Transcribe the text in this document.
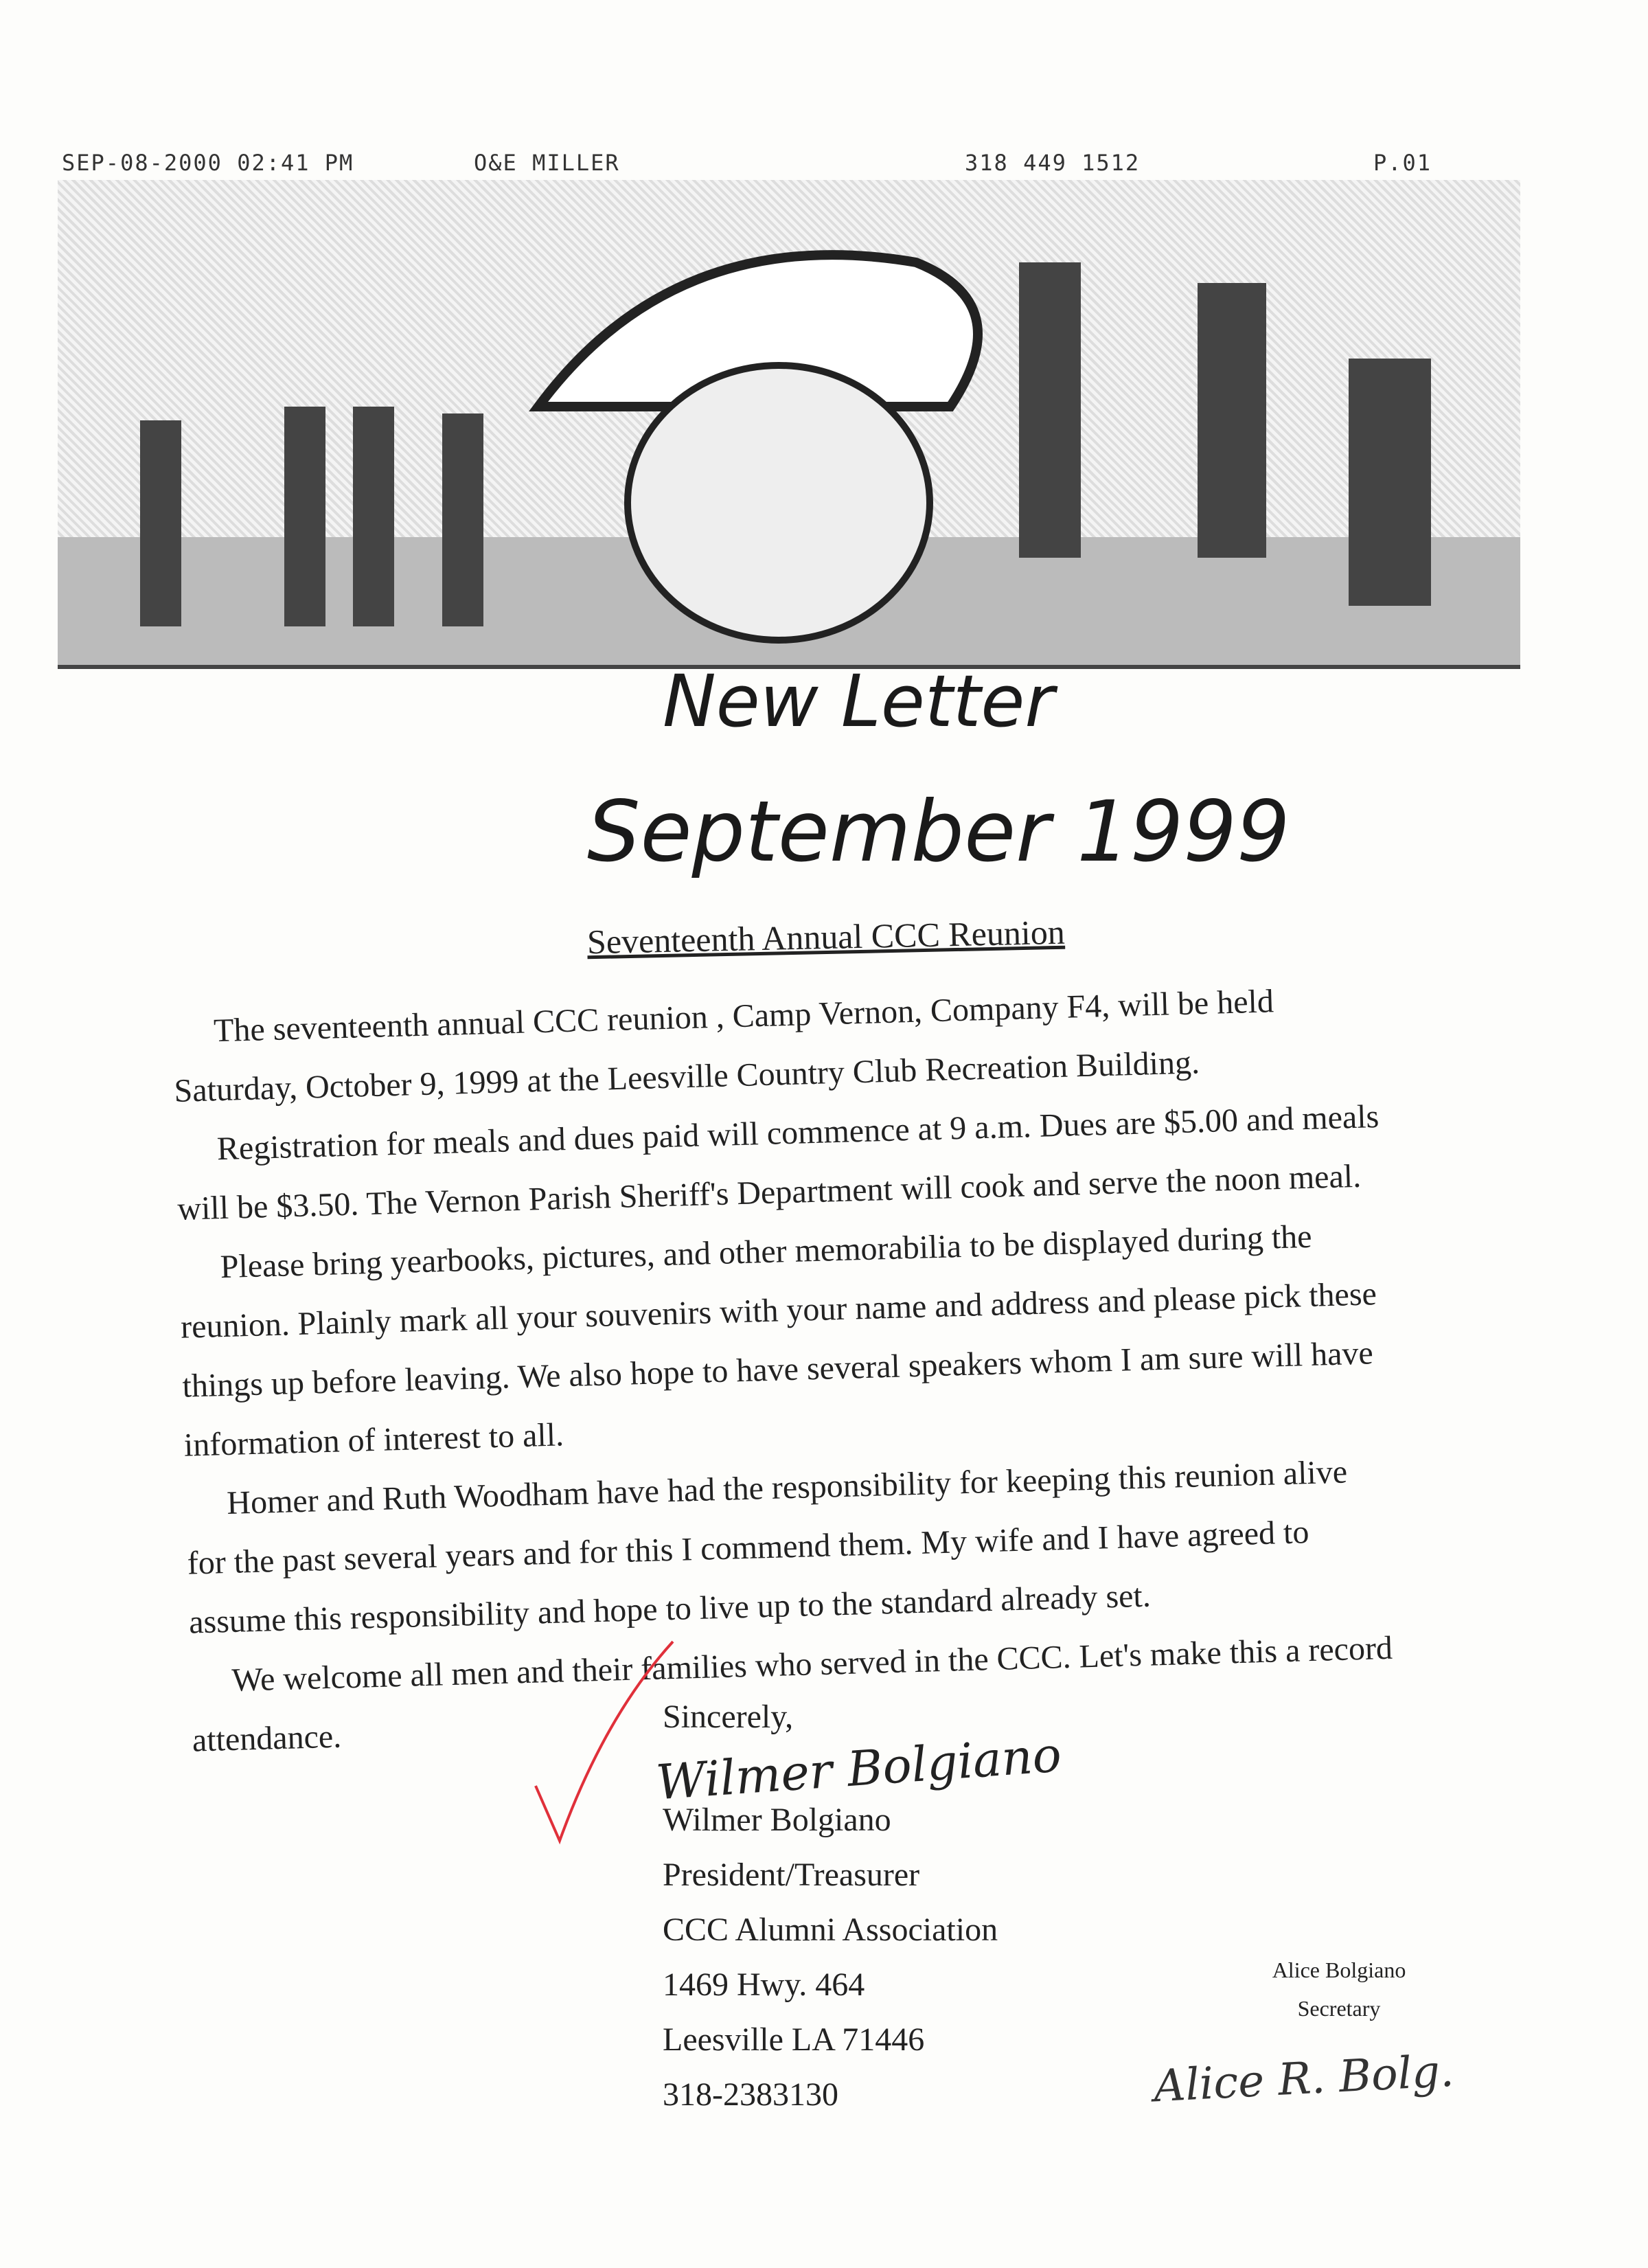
SEP-08-2000 02:41 PM	O&E MILLER	318 449 1512	P.01
New Letter
September 1999
Seventeenth Annual CCC Reunion
The seventeenth annual CCC reunion , Camp Vernon, Company F4, will be held
Saturday, October 9, 1999 at the Leesville Country Club Recreation Building.
Registration for meals and dues paid will commence at 9 a.m. Dues are $5.00 and meals
will be $3.50. The Vernon Parish Sheriff's Department will cook and serve the noon meal.
Please bring yearbooks, pictures, and other memorabilia to be displayed during the
reunion. Plainly mark all your souvenirs with your name and address and please pick these
things up before leaving. We also hope to have several speakers whom I am sure will have
information of interest to all.
Homer and Ruth Woodham have had the responsibility for keeping this reunion alive
for the past several years and for this I commend them. My wife and I have agreed to
assume this responsibility and hope to live up to the standard already set.
We welcome all men and their families who served in the CCC. Let's make this a record
attendance.
Sincerely,
Wilmer Bolgiano
Wilmer Bolgiano
President/Treasurer
CCC Alumni Association
1469 Hwy. 464
Leesville LA 71446
318-2383130
Alice Bolgiano
Secretary
Alice R. Bolg.
